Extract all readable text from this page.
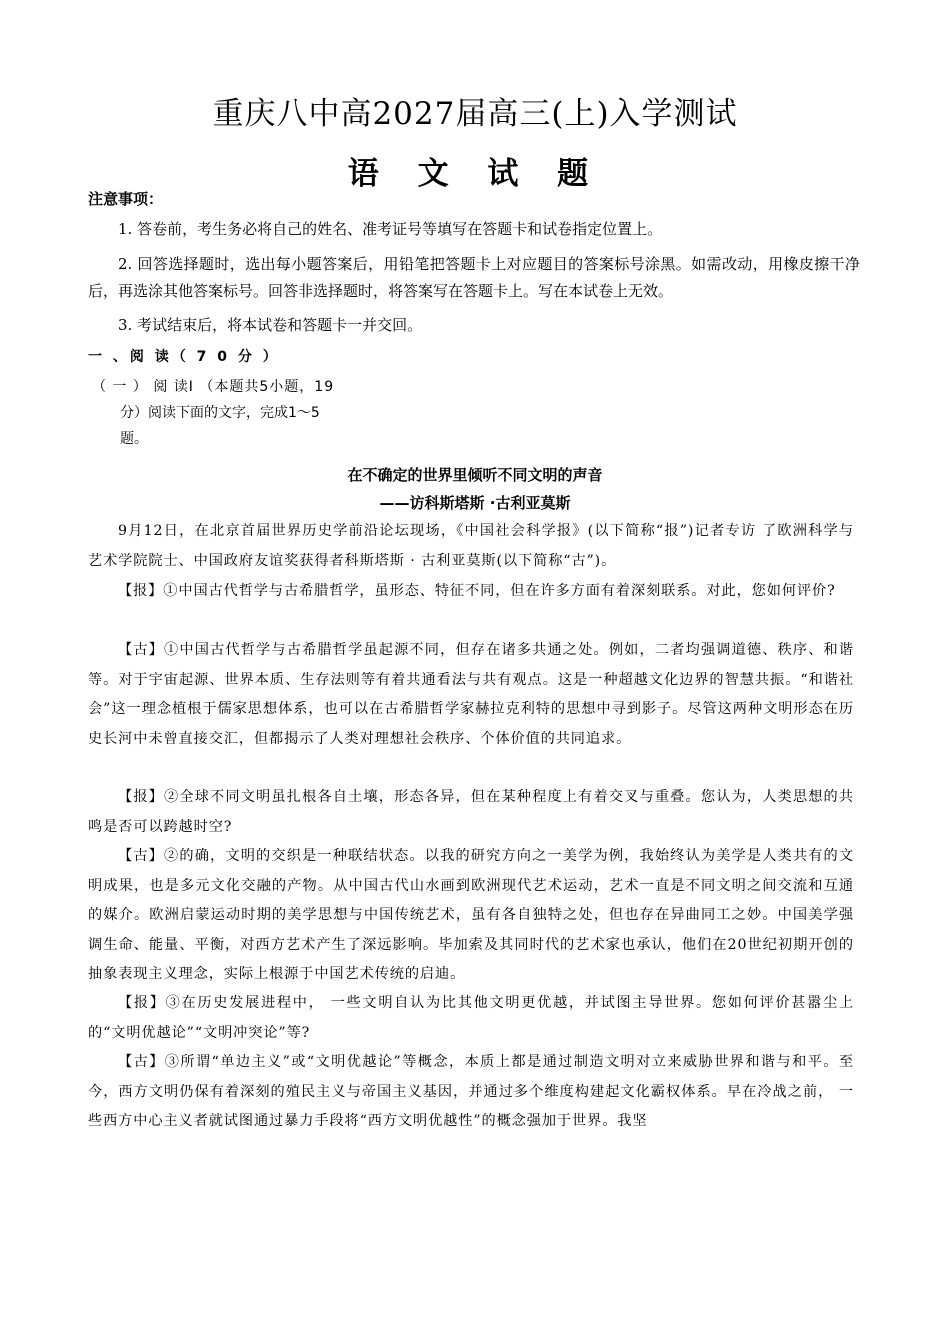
重庆八中高2027届高三(上)入学测试
语 文 试 题
注意事项：
1. 答卷前，考生务必将自己的姓名、准考证号等填写在答题卡和试卷指定位置上。
2. 回答选择题时，选出每小题答案后，用铅笔把答题卡上对应题目的答案标号涂黑。如需改动，用橡皮擦干净后，再选涂其他答案标号。回答非选择题时，将答案写在答题卡上。写在本试卷上无效。
3. 考试结束后，将本试卷和答题卡一并交回。
一 、阅 读（ 7 0 分 ）
（ 一 ） 阅 读Ⅰ （本题共5小题，19
分）阅读下面的文字，完成1～5
题。
在不确定的世界里倾听不同文明的声音
——访科斯塔斯 ·古利亚莫斯
9月12日，在北京首届世界历史学前沿论坛现场，《中国社会科学报》(以下简称“报”)记者专访 了欧洲科学与艺术学院院士、中国政府友谊奖获得者科斯塔斯 · 古利亚莫斯(以下简称“古”)。
【报】①中国古代哲学与古希腊哲学，虽形态、特征不同，但在许多方面有着深刻联系。对此，您如何评价?
【古】①中国古代哲学与古希腊哲学虽起源不同，但存在诸多共通之处。例如，二者均强调道德、秩序、和谐等。对于宇宙起源、世界本质、生存法则等有着共通看法与共有观点。这是一种超越文化边界的智慧共振。“和谐社会”这一理念植根于儒家思想体系，也可以在古希腊哲学家赫拉克利特的思想中寻到影子。尽管这两种文明形态在历史长河中未曾直接交汇，但都揭示了人类对理想社会秩序、个体价值的共同追求。
【报】②全球不同文明虽扎根各自土壤，形态各异，但在某种程度上有着交叉与重叠。您认为，人类思想的共鸣是否可以跨越时空?
【古】②的确，文明的交织是一种联结状态。以我的研究方向之一美学为例，我始终认为美学是人类共有的文明成果，也是多元文化交融的产物。从中国古代山水画到欧洲现代艺术运动，艺术一直是不同文明之间交流和互通的媒介。欧洲启蒙运动时期的美学思想与中国传统艺术，虽有各自独特之处，但也存在异曲同工之妙。中国美学强调生命、能量、平衡，对西方艺术产生了深远影响。毕加索及其同时代的艺术家也承认，他们在20世纪初期开创的抽象表现主义理念，实际上根源于中国艺术传统的启迪。
【报】③在历史发展进程中， 一些文明自认为比其他文明更优越，并试图主导世界。您如何评价甚嚣尘上的“文明优越论”“文明冲突论”等?
【古】③所谓“单边主义”或“文明优越论”等概念，本质上都是通过制造文明对立来威胁世界和谐与和平。至今，西方文明仍保有着深刻的殖民主义与帝国主义基因，并通过多个维度构建起文化霸权体系。早在冷战之前， 一些西方中心主义者就试图通过暴力手段将“西方文明优越性”的概念强加于世界。我坚
